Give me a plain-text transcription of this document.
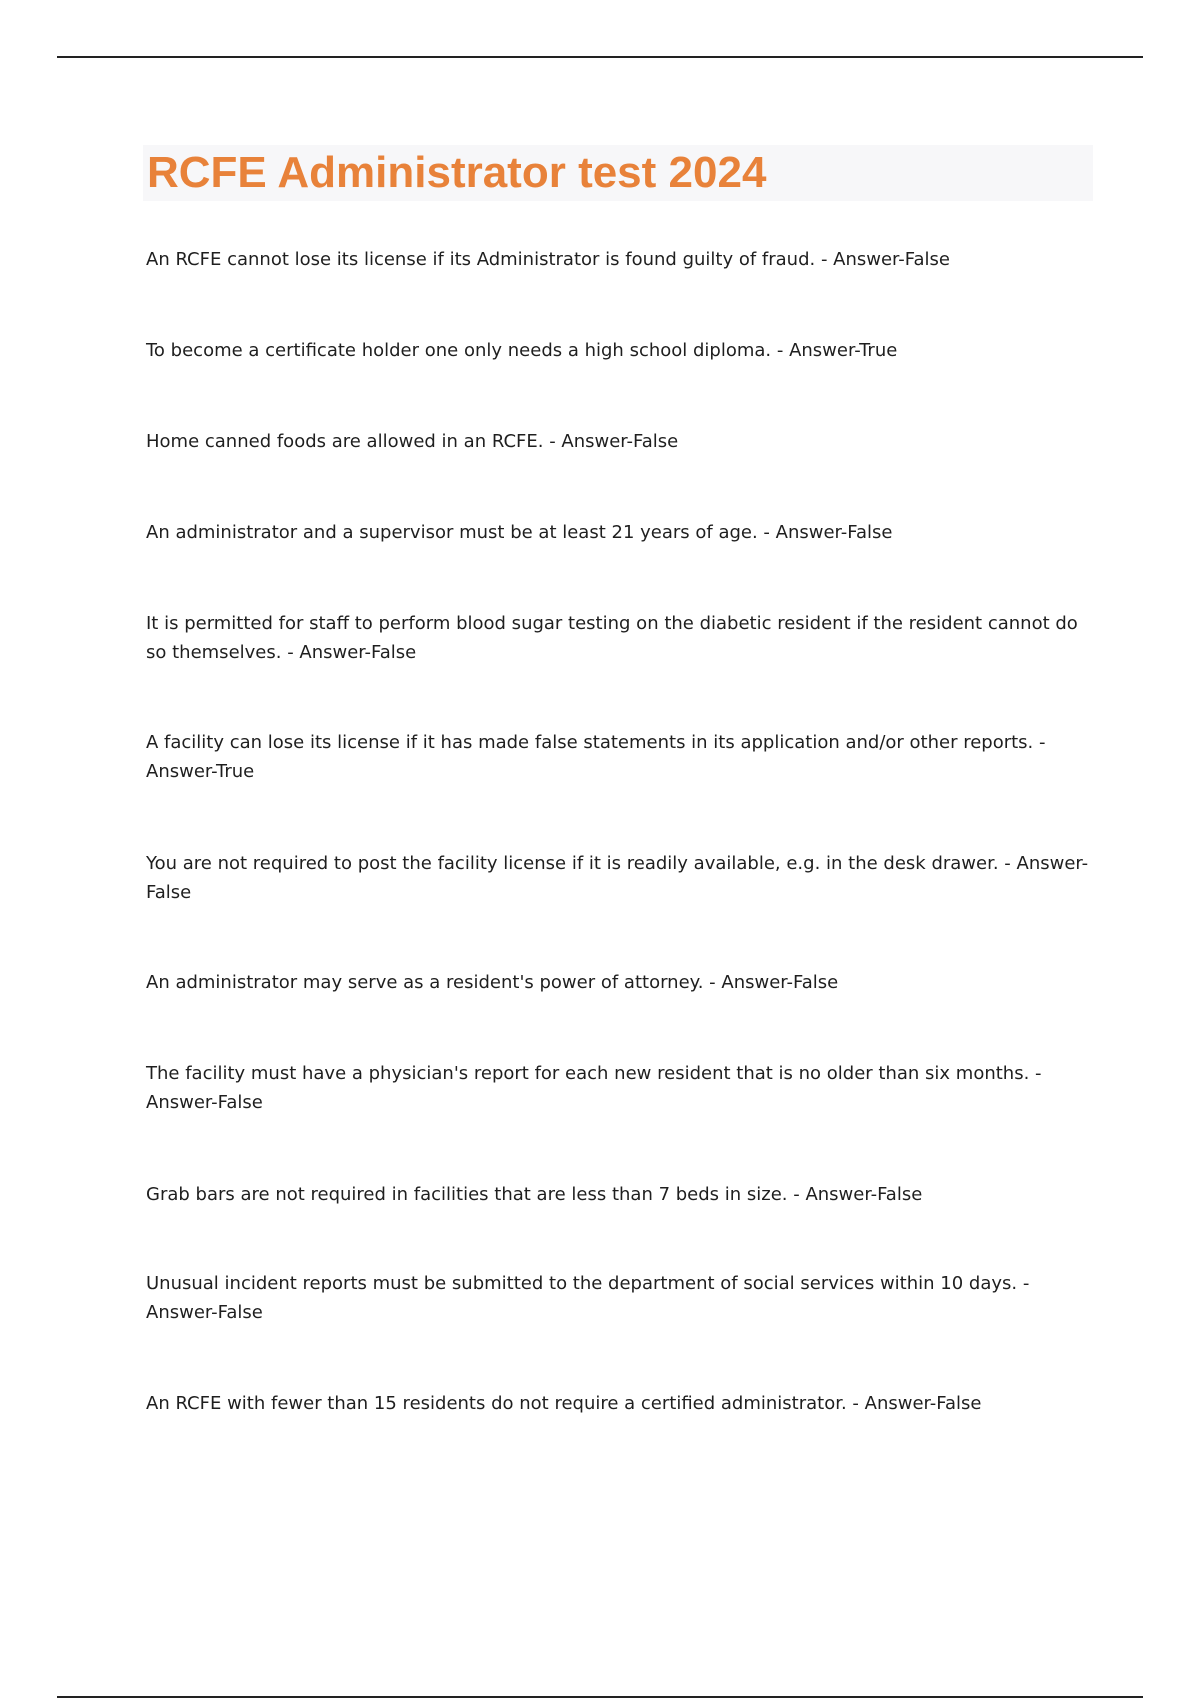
RCFE Administrator test 2024

An RCFE cannot lose its license if its Administrator is found guilty of fraud. - Answer-False

To become a certificate holder one only needs a high school diploma. - Answer-True

Home canned foods are allowed in an RCFE. - Answer-False

An administrator and a supervisor must be at least 21 years of age. - Answer-False

It is permitted for staff to perform blood sugar testing on the diabetic resident if the resident cannot do so themselves. - Answer-False

A facility can lose its license if it has made false statements in its application and/or other reports. - Answer-True

You are not required to post the facility license if it is readily available, e.g. in the desk drawer. - Answer-False

An administrator may serve as a resident's power of attorney. - Answer-False

The facility must have a physician's report for each new resident that is no older than six months. - Answer-False

Grab bars are not required in facilities that are less than 7 beds in size. - Answer-False

Unusual incident reports must be submitted to the department of social services within 10 days. - Answer-False

An RCFE with fewer than 15 residents do not require a certified administrator. - Answer-False
